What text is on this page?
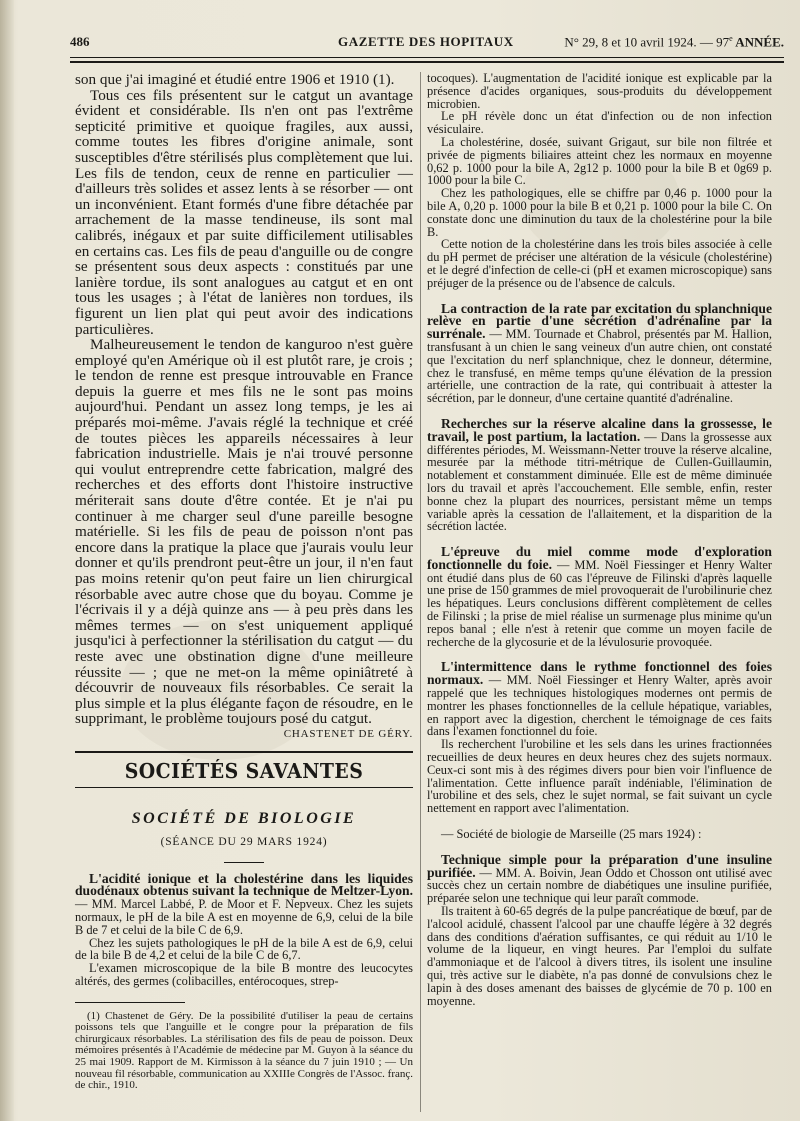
486	GAZETTE DES HOPITAUX	N° 29, 8 et 10 avril 1924. — 97e ANNÉE.

son que j'ai imaginé et étudié entre 1906 et 1910 (1).

Tous ces fils présentent sur le catgut un avantage évident et considérable. Ils n'en ont pas l'extrême septicité primitive et quoique fragiles, aux aussi, comme toutes les fibres d'origine animale, sont susceptibles d'être stérilisés plus complètement que lui. Les fils de tendon, ceux de renne en particulier — d'ailleurs très solides et assez lents à se résorber — ont un inconvénient. Etant formés d'une fibre détachée par arrachement de la masse tendineuse, ils sont mal calibrés, inégaux et par suite difficilement utilisables en certains cas. Les fils de peau d'anguille ou de congre se présentent sous deux aspects : constitués par une lanière tordue, ils sont analogues au catgut et en ont tous les usages ; à l'état de lanières non tordues, ils figurent un lien plat qui peut avoir des indications particulières.

Malheureusement le tendon de kanguroo n'est guère employé qu'en Amérique où il est plutôt rare, je crois ; le tendon de renne est presque introuvable en France depuis la guerre et mes fils ne le sont pas moins aujourd'hui. Pendant un assez long temps, je les ai préparés moi-même. J'avais réglé la technique et créé de toutes pièces les appareils nécessaires à leur fabrication industrielle. Mais je n'ai trouvé personne qui voulut entreprendre cette fabrication, malgré des recherches et des efforts dont l'histoire instructive mériterait sans doute d'être contée. Et je n'ai pu continuer à me charger seul d'une pareille besogne matérielle. Si les fils de peau de poisson n'ont pas encore dans la pratique la place que j'aurais voulu leur donner et qu'ils prendront peut-être un jour, il n'en faut pas moins retenir qu'on peut faire un lien chirurgical résorbable avec autre chose que du boyau. Comme je l'écrivais il y a déjà quinze ans — à peu près dans les mêmes termes — on s'est uniquement appliqué jusqu'ici à perfectionner la stérilisation du catgut — du reste avec une obstination digne d'une meilleure réussite — ; que ne met-on la même opiniâtreté à découvrir de nouveaux fils résorbables. Ce serait la plus simple et la plus élégante façon de résoudre, en le supprimant, le problème toujours posé du catgut.

CHASTENET DE GÉRY.
SOCIÉTÉS SAVANTES
SOCIÉTÉ DE BIOLOGIE
(SÉANCE DU 29 MARS 1924)

L'acidité ionique et la cholestérine dans les liquides duodénaux obtenus suivant la technique de Meltzer-Lyon. — MM. Marcel Labbé, P. de Moor et F. Nepveux. Chez les sujets normaux, le pH de la bile A est en moyenne de 6,9, celui de la bile B de 7 et celui de la bile C de 6,9.

Chez les sujets pathologiques le pH de la bile A est de 6,9, celui de la bile B de 4,2 et celui de la bile C de 6,7.

L'examen microscopique de la bile B montre des leucocytes altérés, des germes (colibacilles, entérocoques, strep-

(1) Chastenet de Géry. De la possibilité d'utiliser la peau de certains poissons tels que l'anguille et le congre pour la préparation de fils chirurgicaux résorbables. La stérilisation des fils de peau de poisson. Deux mémoires présentés à l'Académie de médecine par M. Guyon à la séance du 25 mai 1909. Rapport de M. Kirmisson à la séance du 7 juin 1910 ; — Un nouveau fil résorbable, communication au XXIIIe Congrès de l'Assoc. franç. de chir., 1910.

tocoques). L'augmentation de l'acidité ionique est explicable par la présence d'acides organiques, sous-produits du développement microbien.

Le pH révèle donc un état d'infection ou de non infection vésiculaire.

La cholestérine, dosée, suivant Grigaut, sur bile non filtrée et privée de pigments biliaires atteint chez les normaux en moyenne 0,62 p. 1000 pour la bile A, 2g12 p. 1000 pour la bile B et 0g69 p. 1000 pour la bile C.

Chez les pathologiques, elle se chiffre par 0,46 p. 1000 pour la bile A, 0,20 p. 1000 pour la bile B et 0,21 p. 1000 pour la bile C. On constate donc une diminution du taux de la cholestérine pour la bile B.

Cette notion de la cholestérine dans les trois biles associée à celle du pH permet de préciser une altération de la vésicule (cholestérine) et le degré d'infection de celle-ci (pH et examen microscopique) sans préjuger de la présence ou de l'absence de calculs.

La contraction de la rate par excitation du splanchnique relève en partie d'une sécrétion d'adrénaline par la surrénale. — MM. Tournade et Chabrol, présentés par M. Hallion, transfusant à un chien le sang veineux d'un autre chien, ont constaté que l'excitation du nerf splanchnique, chez le donneur, détermine, chez le transfusé, en même temps qu'une élévation de la pression artérielle, une contraction de la rate, qui contribuait à attester la sécrétion, par le donneur, d'une certaine quantité d'adrénaline.

Recherches sur la réserve alcaline dans la grossesse, le travail, le post partium, la lactation. — Dans la grossesse aux différentes périodes, M. Weissmann-Netter trouve la réserve alcaline, mesurée par la méthode titri-métrique de Cullen-Guillaumin, notablement et constamment diminuée. Elle est de même diminuée lors du travail et après l'accouchement. Elle semble, enfin, rester bonne chez la plupart des nourrices, persistant même un temps variable après la cessation de l'allaitement, et la disparition de la sécrétion lactée.

L'épreuve du miel comme mode d'exploration fonctionnelle du foie. — MM. Noël Fiessinger et Henry Walter ont étudié dans plus de 60 cas l'épreuve de Filinski d'après laquelle une prise de 150 grammes de miel provoquerait de l'urobilinurie chez les hépatiques. Leurs conclusions diffèrent complètement de celles de Filinski ; la prise de miel réalise un surmenage plus minime qu'un repos banal ; elle n'est à retenir que comme un moyen facile de recherche de la glycosurie et de la lévulosurie provoquée.

L'intermittence dans le rythme fonctionnel des foies normaux. — MM. Noël Fiessinger et Henry Walter, après avoir rappelé que les techniques histologiques modernes ont permis de montrer les phases fonctionnelles de la cellule hépatique, variables, en rapport avec la digestion, cherchent le témoignage de ces faits dans l'examen fonctionnel du foie.

Ils recherchent l'urobiline et les sels dans les urines fractionnées recueillies de deux heures en deux heures chez des sujets normaux. Ceux-ci sont mis à des régimes divers pour bien voir l'influence de l'alimentation. Cette influence paraît indéniable, l'élimination de l'urobiline et des sels, chez le sujet normal, se fait suivant un cycle nettement en rapport avec l'alimentation.

— Société de biologie de Marseille (25 mars 1924) :

Technique simple pour la préparation d'une insuline purifiée. — MM. A. Boivin, Jean Oddo et Chosson ont utilisé avec succès chez un certain nombre de diabétiques une insuline purifiée, préparée selon une technique qui leur paraît commode.

Ils traitent à 60-65 degrés de la pulpe pancréatique de bœuf, par de l'alcool acidulé, chassent l'alcool par une chauffe légère à 32 degrés dans des conditions d'aération suffisantes, ce qui réduit au 1/10 le volume de la liqueur, en vingt heures. Par l'emploi du sulfate d'ammoniaque et de l'alcool à divers titres, ils isolent une insuline qui, très active sur le diabète, n'a pas donné de convulsions chez le lapin à des doses amenant des baisses de glycémie de 70 p. 100 en moyenne.
